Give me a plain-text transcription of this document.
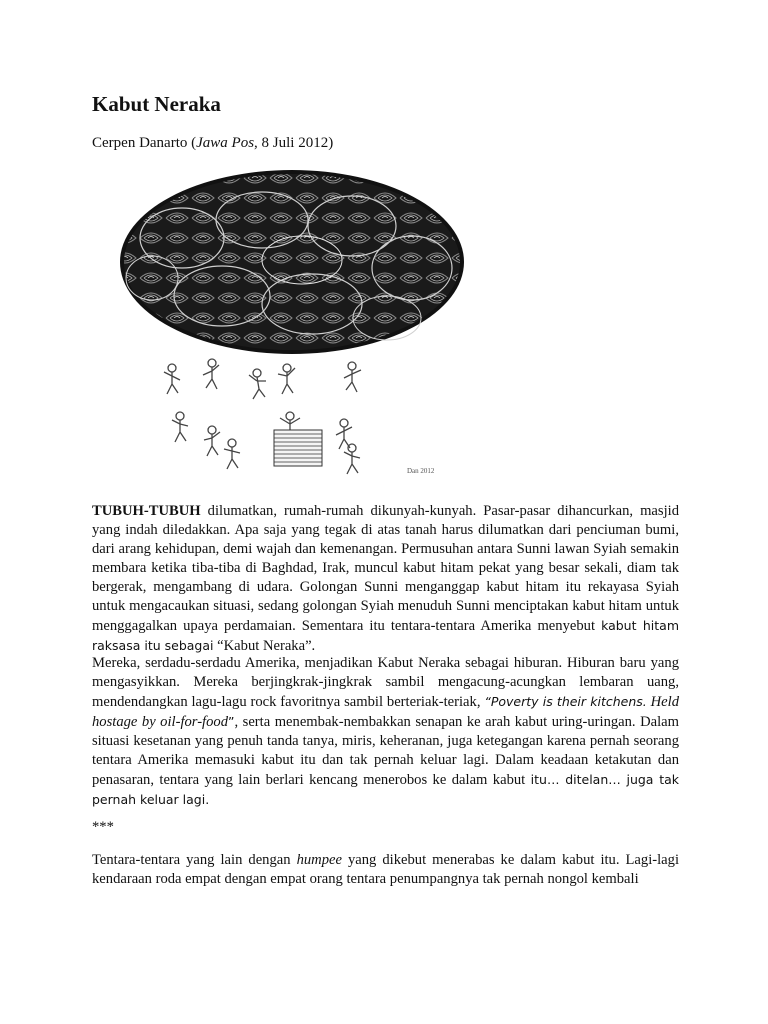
Kabut Neraka

Cerpen Danarto (Jawa Pos, 8 Juli 2012)

Dan 2012

TUBUH-TUBUH dilumatkan, rumah-rumah dikunyah-kunyah. Pasar-pasar dihancurkan, masjid yang indah diledakkan. Apa saja yang tegak di atas tanah harus dilumatkan dari penciuman bumi, dari arang kehidupan, demi wajah dan kemenangan. Permusuhan antara Sunni lawan Syiah semakin membara ketika tiba-tiba di Baghdad, Irak, muncul kabut hitam pekat yang besar sekali, diam tak bergerak, mengambang di udara. Golongan Sunni menganggap kabut hitam itu rekayasa Syiah untuk mengacaukan situasi, sedang golongan Syiah menuduh Sunni menciptakan kabut hitam untuk menggagalkan upaya perdamaian. Sementara itu tentara-tentara Amerika menyebut kabut hitam raksasa itu sebagai “Kabut Neraka”.

Mereka, serdadu-serdadu Amerika, menjadikan Kabut Neraka sebagai hiburan. Hiburan baru yang mengasyikkan. Mereka berjingkrak-jingkrak sambil mengacung-acungkan lembaran uang, mendendangkan lagu-lagu rock favoritnya sambil berteriak-teriak, “Poverty is their kitchens. Held hostage by oil-for-food”, serta menembak-nembakkan senapan ke arah kabut uring-uringan. Dalam situasi kesetanan yang penuh tanda tanya, miris, keheranan, juga ketegangan karena pernah seorang tentara Amerika memasuki kabut itu dan tak pernah keluar lagi. Dalam keadaan ketakutan dan penasaran, tentara yang lain berlari kencang menerobos ke dalam kabut itu… ditelan… juga tak pernah keluar lagi.

***

Tentara-tentara yang lain dengan humpee yang dikebut menerabas ke dalam kabut itu. Lagi-lagi kendaraan roda empat dengan empat orang tentara penumpangnya tak pernah nongol kembali
